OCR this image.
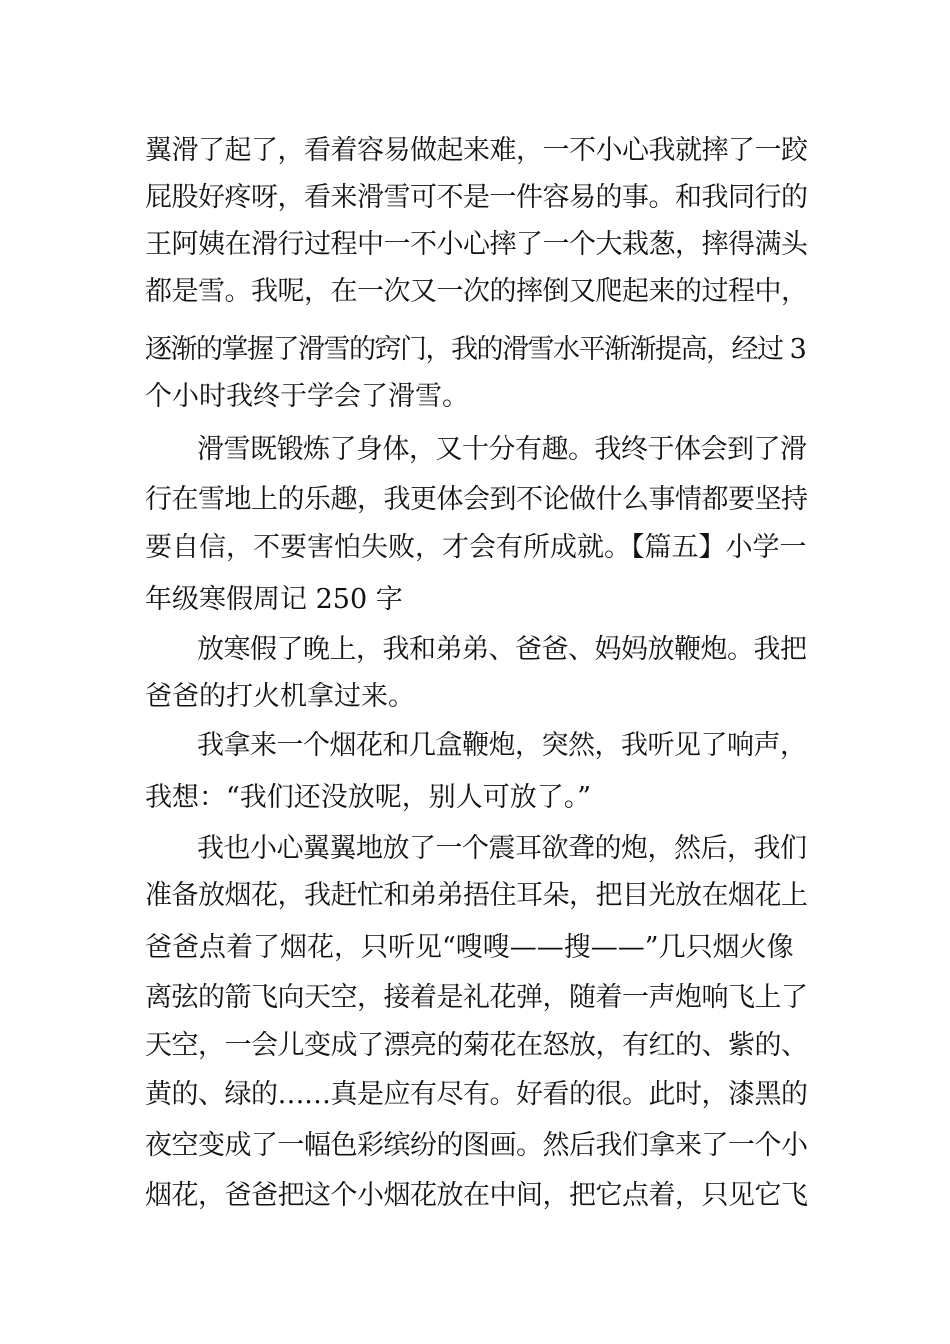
翼滑了起了，看着容易做起来难，一不小心我就摔了一跤
屁股好疼呀，看来滑雪可不是一件容易的事。和我同行的
王阿姨在滑行过程中一不小心摔了一个大栽葱，摔得满头
都是雪。我呢，在一次又一次的摔倒又爬起来的过程中，
逐渐的掌握了滑雪的窍门，我的滑雪水平渐渐提高，经过 3
个小时我终于学会了滑雪。
滑雪既锻炼了身体，又十分有趣。我终于体会到了滑
行在雪地上的乐趣，我更体会到不论做什么事情都要坚持
要自信，不要害怕失败，才会有所成就。【篇五】小学一
年级寒假周记 250 字
放寒假了晚上，我和弟弟、爸爸、妈妈放鞭炮。我把
爸爸的打火机拿过来。
我拿来一个烟花和几盒鞭炮，突然，我听见了响声，
我想：“我们还没放呢，别人可放了。”
我也小心翼翼地放了一个震耳欲聋的炮，然后，我们
准备放烟花，我赶忙和弟弟捂住耳朵，把目光放在烟花上
爸爸点着了烟花，只听见“嗖嗖——搜——”几只烟火像
离弦的箭飞向天空，接着是礼花弹，随着一声炮响飞上了
天空，一会儿变成了漂亮的菊花在怒放，有红的、紫的、
黄的、绿的……真是应有尽有。好看的很。此时，漆黑的
夜空变成了一幅色彩缤纷的图画。然后我们拿来了一个小
烟花，爸爸把这个小烟花放在中间，把它点着，只见它飞
